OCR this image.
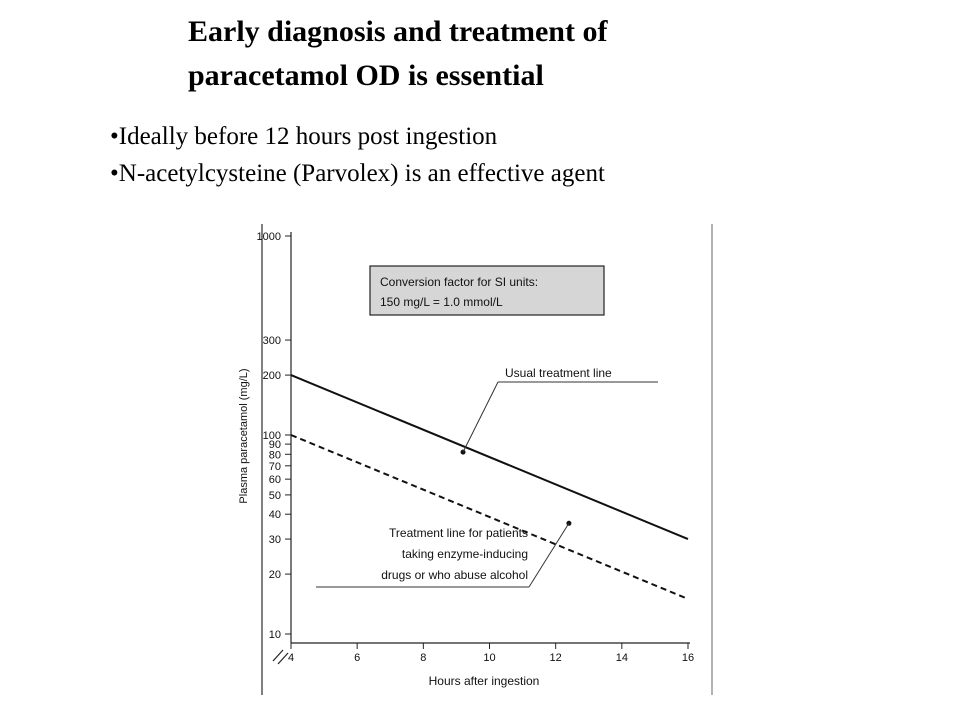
Early diagnosis and treatment of
paracetamol OD is essential
• Ideally before 12 hours post ingestion
• N-acetylcysteine (Parvolex) is an effective agent
10
20
30
40
50
60
70
80
90
100
200
300
1000
4	6	8	10	12	14	16
Plasma paracetamol (mg/L)
Hours after ingestion
Conversion factor for SI units:
150 mg/L = 1.0 mmol/L
Usual treatment line
Treatment line for patients
taking enzyme-inducing
drugs or who abuse alcohol
